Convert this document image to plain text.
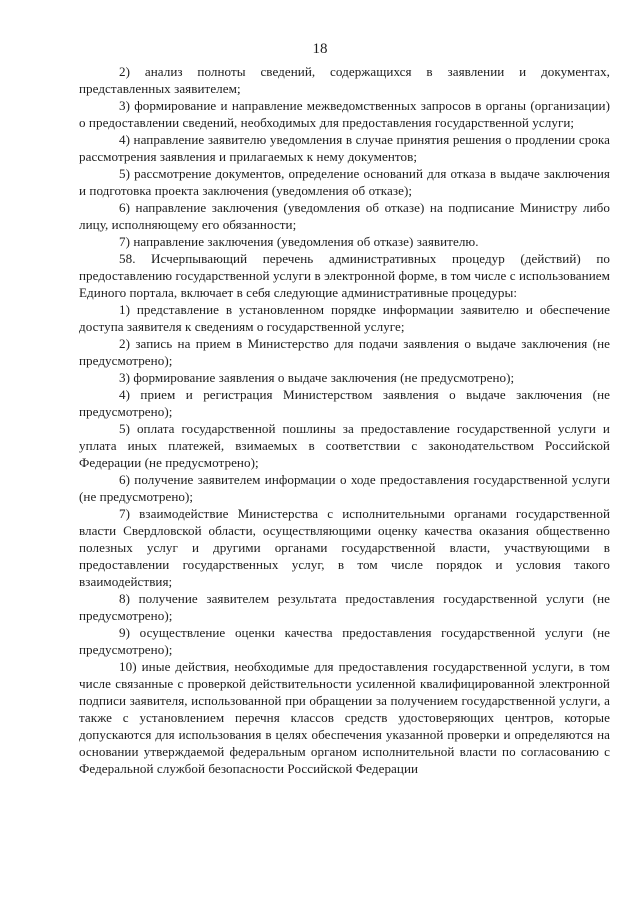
18

2) анализ полноты сведений, содержащихся в заявлении и документах, представленных заявителем;

3) формирование и направление межведомственных запросов в органы (организации) о предоставлении сведений, необходимых для предоставления государственной услуги;

4) направление заявителю уведомления в случае принятия решения о продлении срока рассмотрения заявления и прилагаемых к нему документов;

5) рассмотрение документов, определение оснований для отказа в выдаче заключения и подготовка проекта заключения (уведомления об отказе);

6) направление заключения (уведомления об отказе) на подписание Министру либо лицу, исполняющему его обязанности;

7) направление заключения (уведомления об отказе) заявителю.

58. Исчерпывающий перечень административных процедур (действий) по предоставлению государственной услуги в электронной форме, в том числе с использованием Единого портала, включает в себя следующие административные процедуры:

1) представление в установленном порядке информации заявителю и обеспечение доступа заявителя к сведениям о государственной услуге;

2) запись на прием в Министерство для подачи заявления о выдаче заключения (не предусмотрено);

3) формирование заявления о выдаче заключения (не предусмотрено);

4) прием и регистрация Министерством заявления о выдаче заключения (не предусмотрено);

5) оплата государственной пошлины за предоставление государственной услуги и уплата иных платежей, взимаемых в соответствии с законодательством Российской Федерации (не предусмотрено);

6) получение заявителем информации о ходе предоставления государственной услуги (не предусмотрено);

7) взаимодействие Министерства с исполнительными органами государственной власти Свердловской области, осуществляющими оценку качества оказания общественно полезных услуг и другими органами государственной власти, участвующими в предоставлении государственных услуг, в том числе порядок и условия такого взаимодействия;

8) получение заявителем результата предоставления государственной услуги (не предусмотрено);

9) осуществление оценки качества предоставления государственной услуги (не предусмотрено);

10) иные действия, необходимые для предоставления государственной услуги, в том числе связанные с проверкой действительности усиленной квалифицированной электронной подписи заявителя, использованной при обращении за получением государственной услуги, а также с установлением перечня классов средств удостоверяющих центров, которые допускаются для использования в целях обеспечения указанной проверки и определяются на основании утверждаемой федеральным органом исполнительной власти по согласованию с Федеральной службой безопасности Российской Федерации
